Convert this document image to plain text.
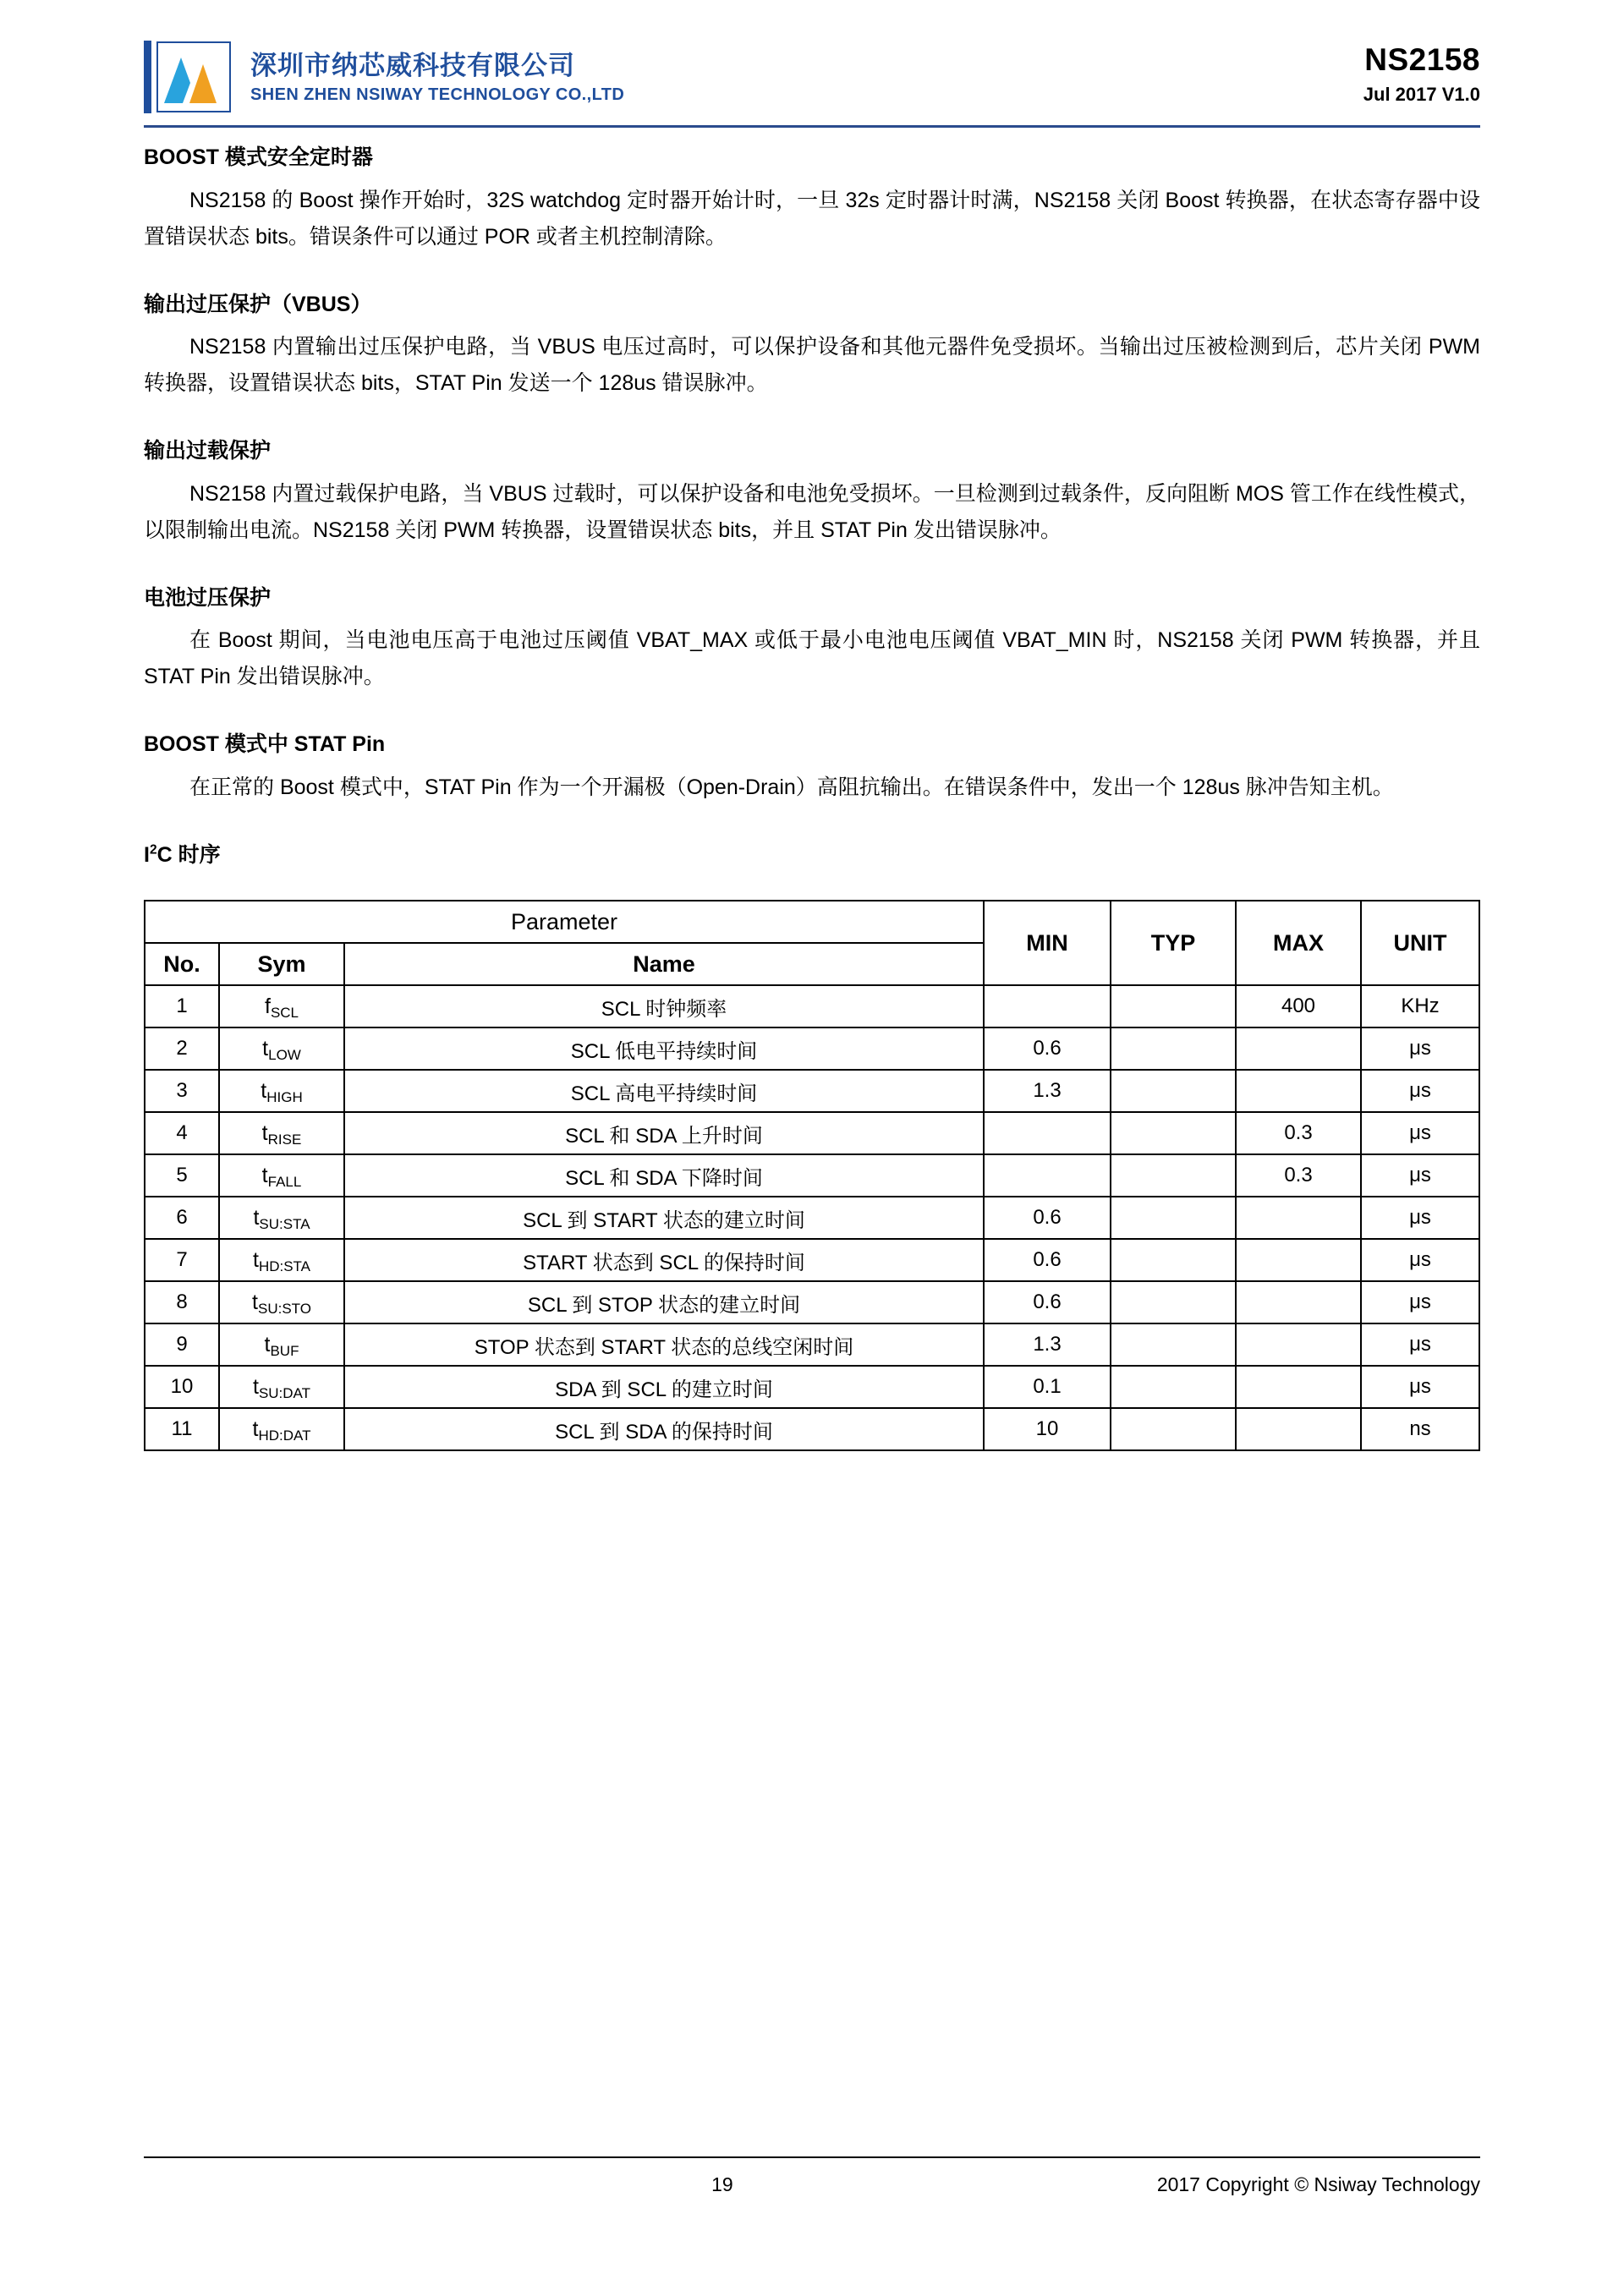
深圳市纳芯威科技有限公司
SHEN ZHEN NSIWAY TECHNOLOGY CO.,LTD
NS2158
Jul 2017 V1.0
BOOST 模式安全定时器

NS2158 的 Boost 操作开始时，32S watchdog 定时器开始计时，一旦 32s 定时器计时满，NS2158 关闭 Boost 转换器，在状态寄存器中设置错误状态 bits。错误条件可以通过 POR 或者主机控制清除。

输出过压保护（VBUS）

NS2158 内置输出过压保护电路，当 VBUS 电压过高时，可以保护设备和其他元器件免受损坏。当输出过压被检测到后，芯片关闭 PWM 转换器，设置错误状态 bits，STAT Pin 发送一个 128us 错误脉冲。

输出过载保护

NS2158 内置过载保护电路，当 VBUS 过载时，可以保护设备和电池免受损坏。一旦检测到过载条件，反向阻断 MOS 管工作在线性模式，以限制输出电流。NS2158 关闭 PWM 转换器，设置错误状态 bits，并且 STAT Pin 发出错误脉冲。

电池过压保护

在 Boost 期间，当电池电压高于电池过压阈值 VBAT_MAX 或低于最小电池电压阈值 VBAT_MIN 时，NS2158 关闭 PWM 转换器，并且 STAT Pin 发出错误脉冲。

BOOST 模式中 STAT Pin

在正常的 Boost 模式中，STAT Pin 作为一个开漏极（Open-Drain）高阻抗输出。在错误条件中，发出一个 128us 脉冲告知主机。

$I^2C$ 时序
Parameter			MIN	TYP	MAX	UNIT
No.	Sym	Name				
1	$f_{SCL}$	SCL 时钟频率			400	KHz
2	$t_{LOW}$	SCL 低电平持续时间	0.6			μs
3	$t_{HIGH}$	SCL 高电平持续时间	1.3			μs
4	$t_{RISE}$	SCL 和 SDA 上升时间			0.3	μs
5	$t_{FALL}$	SCL 和 SDA 下降时间			0.3	μs
6	$t_{SU:STA}$	SCL 到 START 状态的建立时间	0.6			μs
7	$t_{HD:STA}$	START 状态到 SCL 的保持时间	0.6			μs
8	$t_{SU:STO}$	SCL 到 STOP 状态的建立时间	0.6			μs
9	$t_{BUF}$	STOP 状态到 START 状态的总线空闲时间	1.3			μs
10	$t_{SU:DAT}$	SDA 到 SCL 的建立时间	0.1			μs
11	$t_{HD:DAT}$	SCL 到 SDA 的保持时间	10			ns
19	2017 Copyright © Nsiway Technology
